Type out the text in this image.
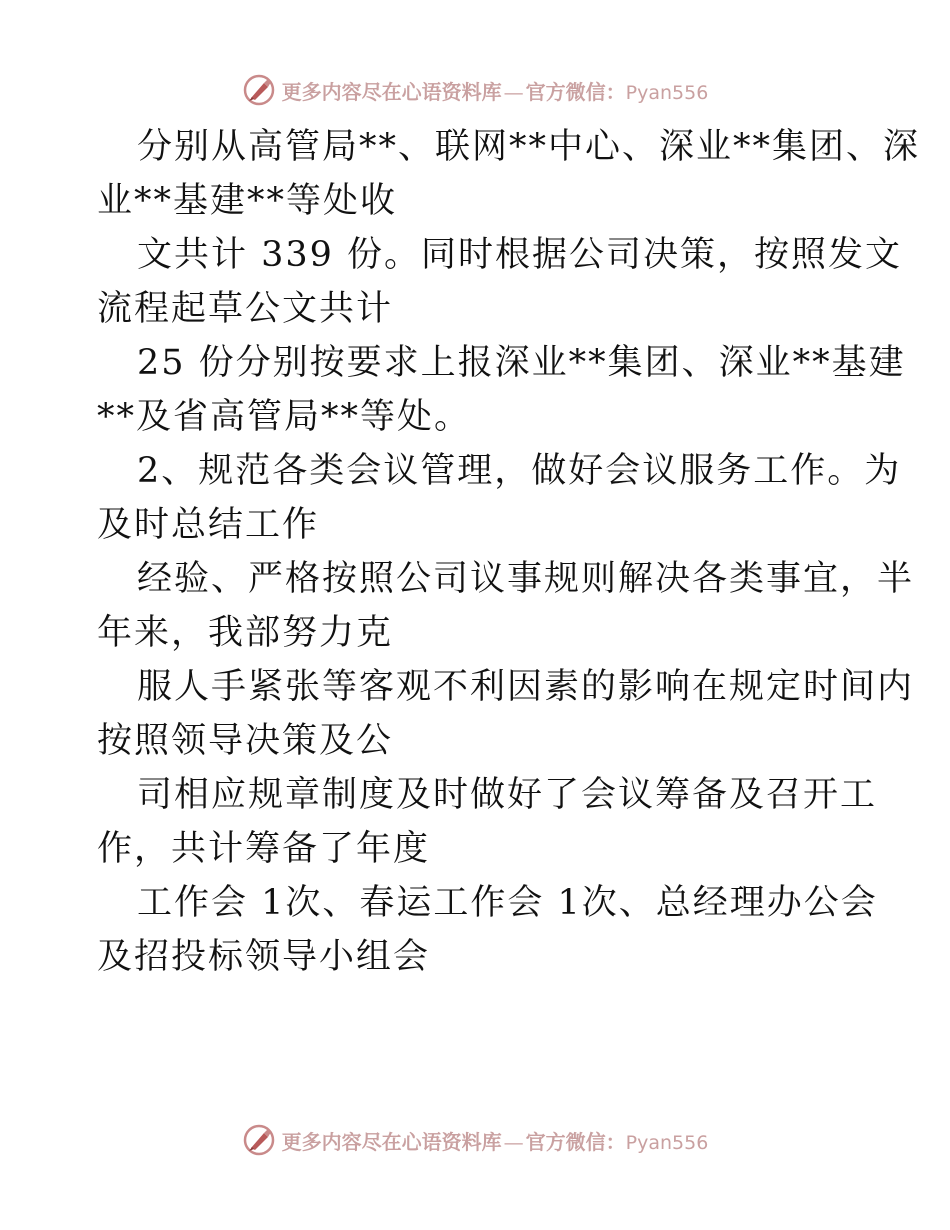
更多内容尽在心语资料库 — 官方微信：Pyan556
分别从高管局**、联网**中心、深业**集团、深
业**基建**等处收
文共计 339 份。同时根据公司决策，按照发文
流程起草公文共计
25 份分别按要求上报深业**集团、深业**基建
**及省高管局**等处。
2、规范各类会议管理，做好会议服务工作。为
及时总结工作
经验、严格按照公司议事规则解决各类事宜，半
年来，我部努力克
服人手紧张等客观不利因素的影响在规定时间内
按照领导决策及公
司相应规章制度及时做好了会议筹备及召开工
作，共计筹备了年度
工作会 1次、春运工作会 1次、总经理办公会
及招投标领导小组会
更多内容尽在心语资料库 — 官方微信：Pyan556
